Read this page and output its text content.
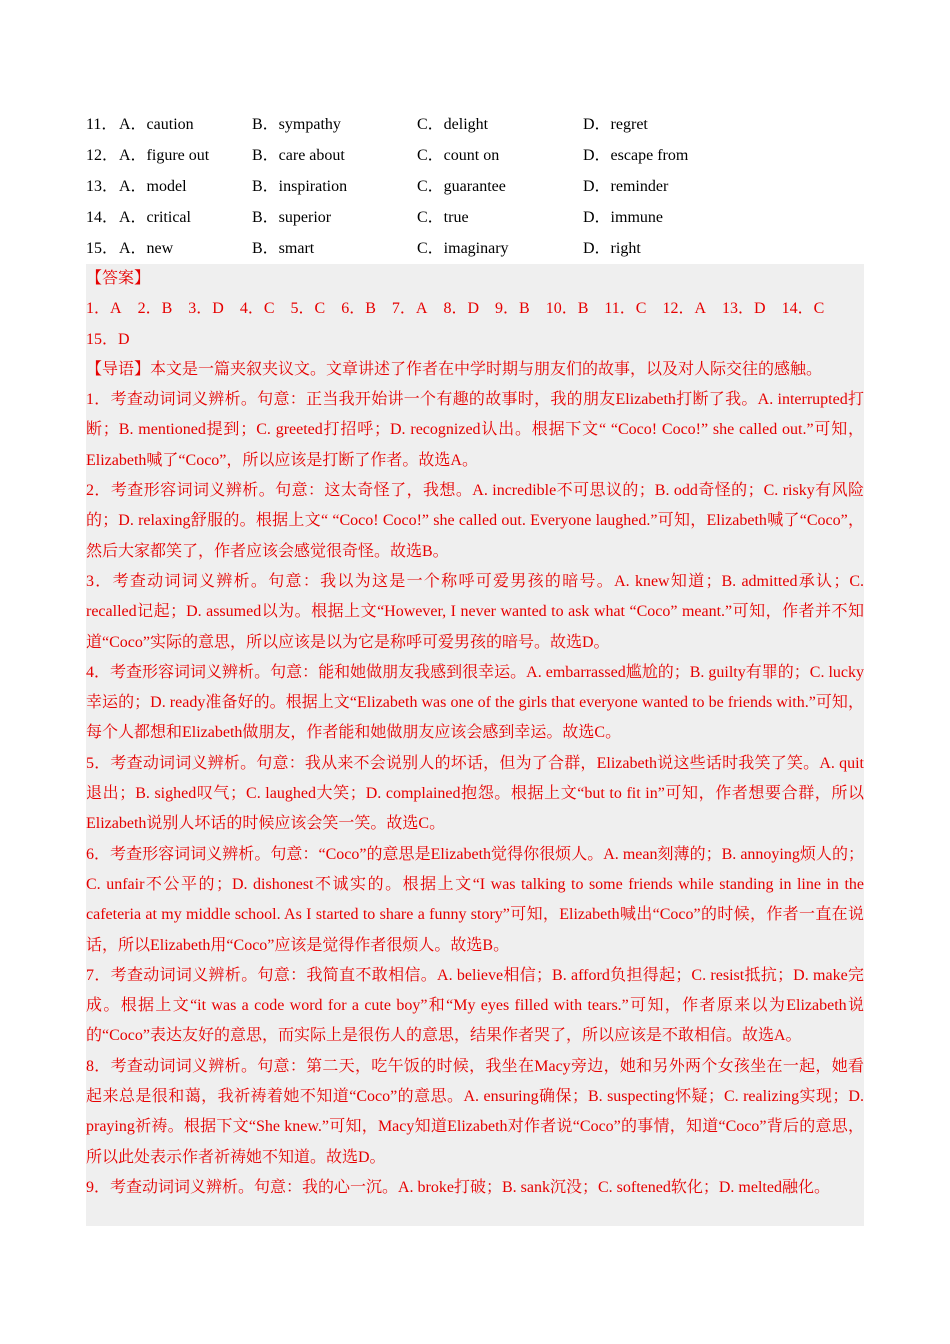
11． A．caution	B．sympathy	C．delight	D．regret
12． A．figure out	B．care about	C．count on	D．escape from
13． A．model	B．inspiration	C．guarantee	D．reminder
14． A．critical	B．superior	C．true	D．immune
15． A．new	B．smart	C．imaginary	D．right

【答案】

1．A 2．B 3．D 4．C 5．C 6．B 7．A 8．D 9．B 10．B 11．C 12．A 13．D 14．C

15．D

【导语】本文是一篇夹叙夹议文。文章讲述了作者在中学时期与朋友们的故事，以及对人际交往的感触。

1．考查动词词义辨析。句意：正当我开始讲一个有趣的故事时，我的朋友Elizabeth打断了我。A. interrupted打断；B. mentioned提到；C. greeted打招呼；D. recognized认出。根据下文“ “Coco! Coco!” she called out.”可知，Elizabeth喊了“Coco”，所以应该是打断了作者。故选A。

2．考查形容词词义辨析。句意：这太奇怪了，我想。A. incredible不可思议的；B. odd奇怪的；C. risky有风险的；D. relaxing舒服的。根据上文“ “Coco! Coco!” she called out. Everyone laughed.”可知，Elizabeth喊了“Coco”，然后大家都笑了，作者应该会感觉很奇怪。故选B。

3．考查动词词义辨析。句意：我以为这是一个称呼可爱男孩的暗号。A. knew知道；B. admitted承认；C. recalled记起；D. assumed以为。根据上文“However, I never wanted to ask what “Coco” meant.”可知，作者并不知道“Coco”实际的意思，所以应该是以为它是称呼可爱男孩的暗号。故选D。

4．考查形容词词义辨析。句意：能和她做朋友我感到很幸运。A. embarrassed尴尬的；B. guilty有罪的；C. lucky幸运的；D. ready准备好的。根据上文“Elizabeth was one of the girls that everyone wanted to be friends with.”可知，每个人都想和Elizabeth做朋友，作者能和她做朋友应该会感到幸运。故选C。

5．考查动词词义辨析。句意：我从来不会说别人的坏话，但为了合群，Elizabeth说这些话时我笑了笑。A. quit退出；B. sighed叹气；C. laughed大笑；D. complained抱怨。根据上文“but to fit in”可知，作者想要合群，所以Elizabeth说别人坏话的时候应该会笑一笑。故选C。

6．考查形容词词义辨析。句意：“Coco”的意思是Elizabeth觉得你很烦人。A. mean刻薄的；B. annoying烦人的；C. unfair不公平的；D. dishonest不诚实的。根据上文“I was talking to some friends while standing in line in the cafeteria at my middle school. As I started to share a funny story”可知，Elizabeth喊出“Coco”的时候，作者一直在说话，所以Elizabeth用“Coco”应该是觉得作者很烦人。故选B。

7．考查动词词义辨析。句意：我简直不敢相信。A. believe相信；B. afford负担得起；C. resist抵抗；D. make完成。根据上文“it was a code word for a cute boy”和“My eyes filled with tears.”可知，作者原来以为Elizabeth说的“Coco”表达友好的意思，而实际上是很伤人的意思，结果作者哭了，所以应该是不敢相信。故选A。

8．考查动词词义辨析。句意：第二天，吃午饭的时候，我坐在Macy旁边，她和另外两个女孩坐在一起，她看起来总是很和蔼，我祈祷着她不知道“Coco”的意思。A. ensuring确保；B. suspecting怀疑；C. realizing实现；D. praying祈祷。根据下文“She knew.”可知，Macy知道Elizabeth对作者说“Coco”的事情，知道“Coco”背后的意思，所以此处表示作者祈祷她不知道。故选D。

9．考查动词词义辨析。句意：我的心一沉。A. broke打破；B. sank沉没；C. softened软化；D. melted融化。
